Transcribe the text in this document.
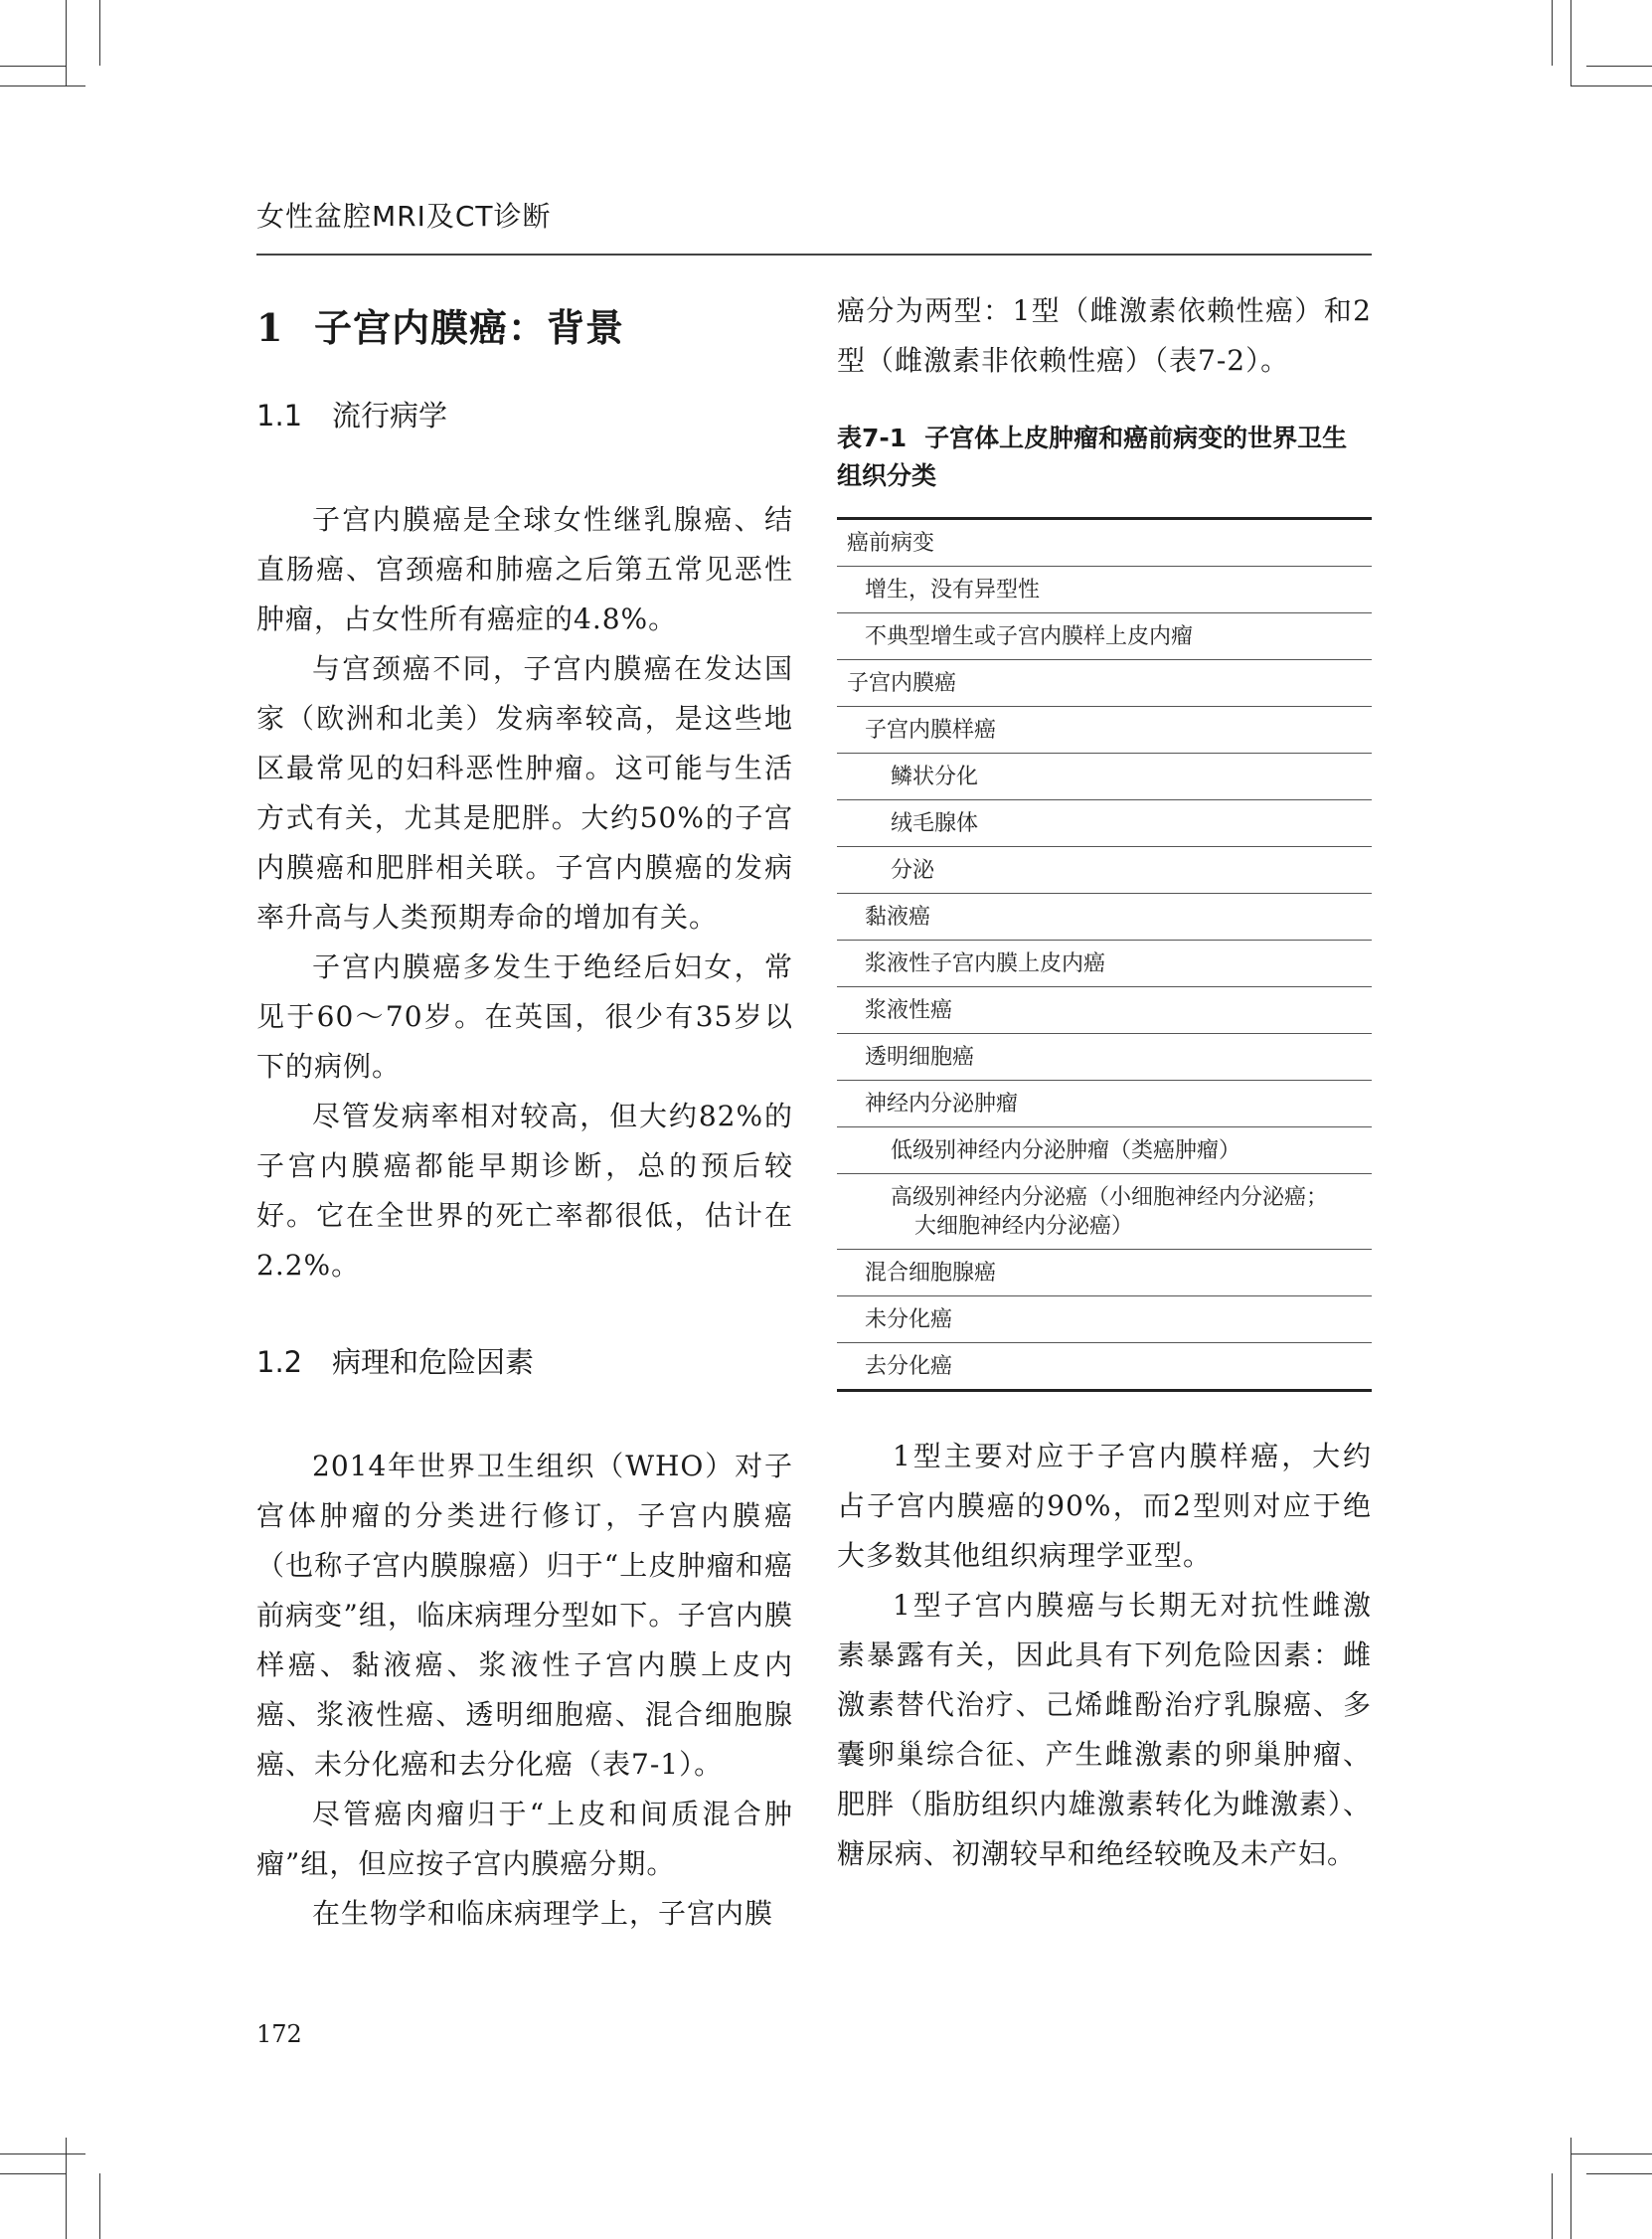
女性盆腔MRI及CT诊断
1 子宫内膜癌：背景
1.1 流行病学

子宫内膜癌是全球女性继乳腺癌、结直肠癌、宫颈癌和肺癌之后第五常见恶性肿瘤，占女性所有癌症的4.8%。

与宫颈癌不同，子宫内膜癌在发达国家（欧洲和北美）发病率较高，是这些地区最常见的妇科恶性肿瘤。这可能与生活方式有关，尤其是肥胖。大约50%的子宫内膜癌和肥胖相关联。子宫内膜癌的发病率升高与人类预期寿命的增加有关。

子宫内膜癌多发生于绝经后妇女，常见于60～70岁。在英国，很少有35岁以下的病例。

尽管发病率相对较高，但大约82%的子宫内膜癌都能早期诊断，总的预后较好。它在全世界的死亡率都很低，估计在2.2%。

1.2 病理和危险因素

2014年世界卫生组织（WHO）对子宫体肿瘤的分类进行修订，子宫内膜癌（也称子宫内膜腺癌）归于“上皮肿瘤和癌前病变”组，临床病理分型如下。子宫内膜样癌、黏液癌、浆液性子宫内膜上皮内癌、浆液性癌、透明细胞癌、混合细胞腺癌、未分化癌和去分化癌（表7-1）。

尽管癌肉瘤归于“上皮和间质混合肿瘤”组，但应按子宫内膜癌分期。

在生物学和临床病理学上，子宫内膜

癌分为两型：1型（雌激素依赖性癌）和2型（雌激素非依赖性癌）（表7-2）。

表7-1 子宫体上皮肿瘤和癌前病变的世界卫生组织分类
癌前病变
增生，没有异型性
不典型增生或子宫内膜样上皮内瘤
子宫内膜癌
子宫内膜样癌
鳞状分化
绒毛腺体
分泌
黏液癌
浆液性子宫内膜上皮内癌
浆液性癌
透明细胞癌
神经内分泌肿瘤
低级别神经内分泌肿瘤（类癌肿瘤）
高级别神经内分泌癌（小细胞神经内分泌癌；
大细胞神经内分泌癌）

混合细胞腺癌
未分化癌
去分化癌

1型主要对应于子宫内膜样癌，大约占子宫内膜癌的90%，而2型则对应于绝大多数其他组织病理学亚型。

1型子宫内膜癌与长期无对抗性雌激素暴露有关，因此具有下列危险因素：雌激素替代治疗、己烯雌酚治疗乳腺癌、多囊卵巢综合征、产生雌激素的卵巢肿瘤、肥胖（脂肪组织内雄激素转化为雌激素）、糖尿病、初潮较早和绝经较晚及未产妇。

172
